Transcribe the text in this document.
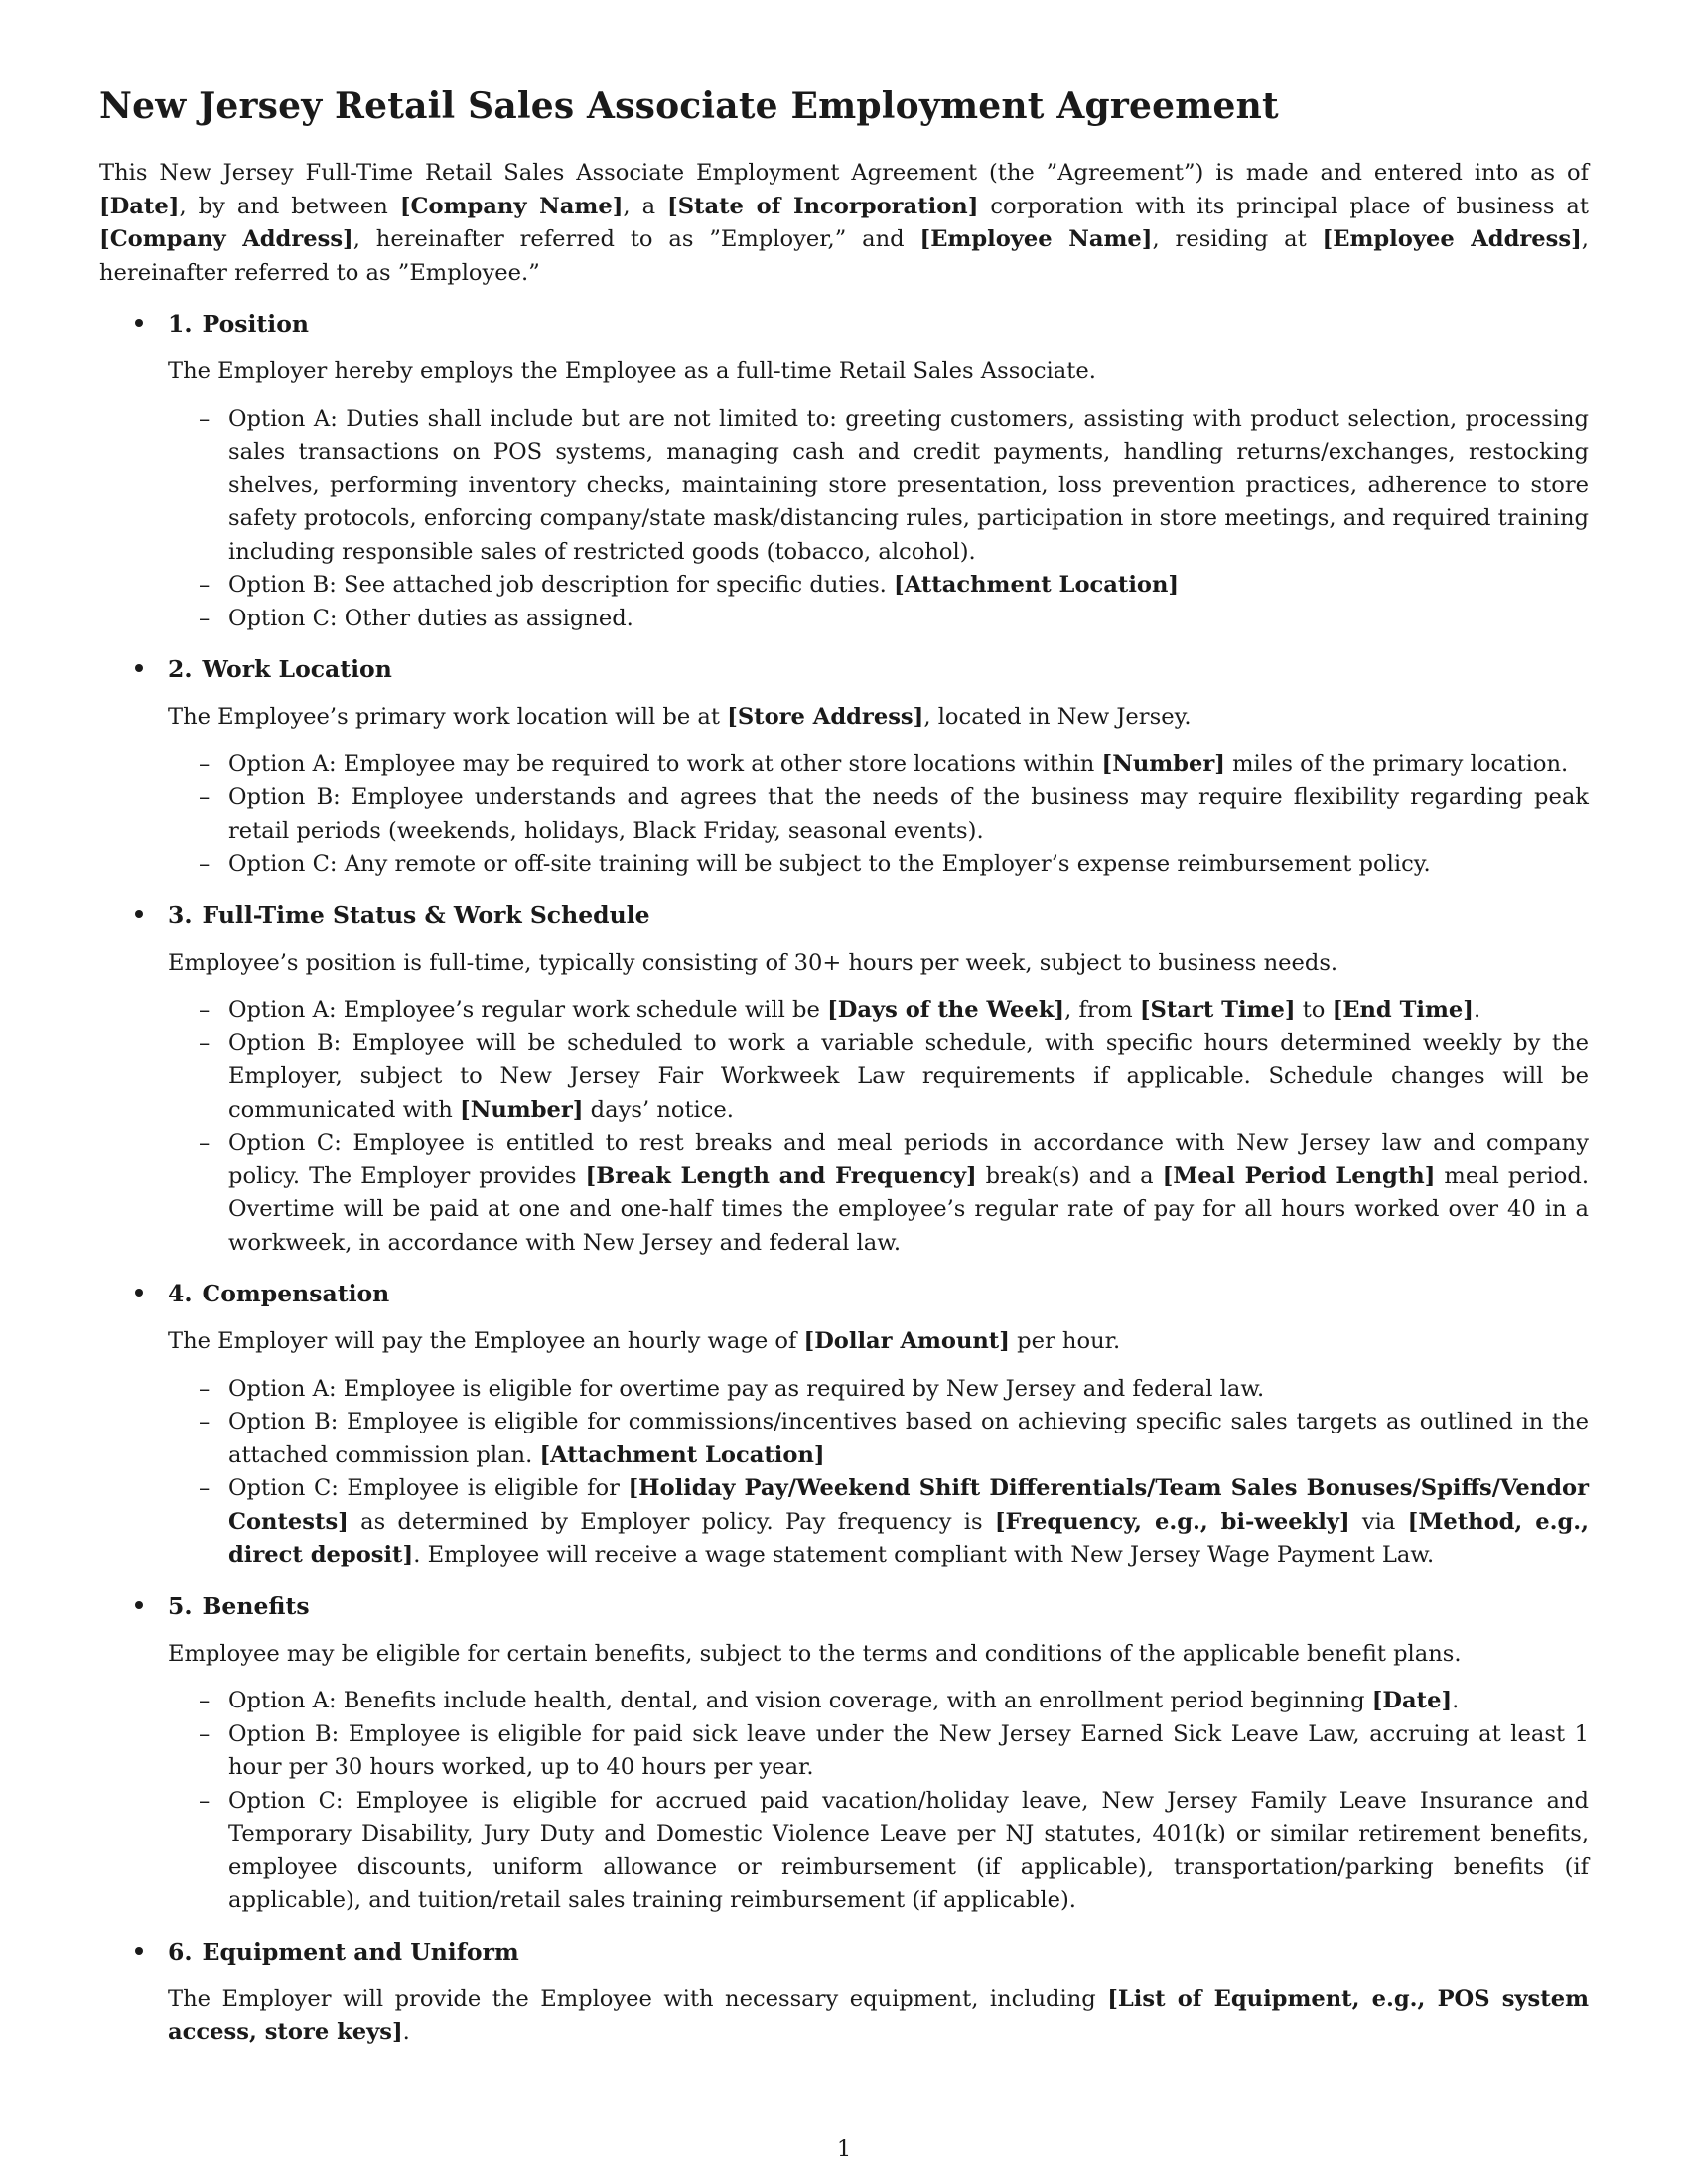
New Jersey Retail Sales Associate Employment Agreement

This New Jersey Full-Time Retail Sales Associate Employment Agreement (the ”Agreement”) is made and entered into as of [Date], by and between [Company Name], a [State of Incorporation] corporation with its principal place of business at [Company Address], hereinafter referred to as ”Employer,” and [Employee Name], residing at [Employee Address], hereinafter referred to as ”Employee.”

1. Position

The Employer hereby employs the Employee as a full-time Retail Sales Associate.

– Option A: Duties shall include but are not limited to: greeting customers, assisting with product selection, processing sales transactions on POS systems, managing cash and credit payments, handling returns/exchanges, restocking shelves, performing inventory checks, maintaining store presentation, loss prevention practices, adherence to store safety protocols, enforcing company/state mask/distancing rules, participation in store meetings, and required training including responsible sales of restricted goods (tobacco, alcohol).
– Option B: See attached job description for specific duties. [Attachment Location]
– Option C: Other duties as assigned.

2. Work Location

The Employee’s primary work location will be at [Store Address], located in New Jersey.

– Option A: Employee may be required to work at other store locations within [Number] miles of the primary location.
– Option B: Employee understands and agrees that the needs of the business may require flexibility regarding peak retail periods (weekends, holidays, Black Friday, seasonal events).
– Option C: Any remote or off-site training will be subject to the Employer’s expense reimbursement policy.

3. Full-Time Status & Work Schedule

Employee’s position is full-time, typically consisting of 30+ hours per week, subject to business needs.

– Option A: Employee’s regular work schedule will be [Days of the Week], from [Start Time] to [End Time].
– Option B: Employee will be scheduled to work a variable schedule, with specific hours determined weekly by the Employer, subject to New Jersey Fair Workweek Law requirements if applicable. Schedule changes will be communicated with [Number] days’ notice.
– Option C: Employee is entitled to rest breaks and meal periods in accordance with New Jersey law and company policy. The Employer provides [Break Length and Frequency] break(s) and a [Meal Period Length] meal period. Overtime will be paid at one and one-half times the employee’s regular rate of pay for all hours worked over 40 in a workweek, in accordance with New Jersey and federal law.

4. Compensation

The Employer will pay the Employee an hourly wage of [Dollar Amount] per hour.

– Option A: Employee is eligible for overtime pay as required by New Jersey and federal law.
– Option B: Employee is eligible for commissions/incentives based on achieving specific sales targets as outlined in the attached commission plan. [Attachment Location]
– Option C: Employee is eligible for [Holiday Pay/Weekend Shift Differentials/Team Sales Bonuses/Spiffs/Vendor Contests] as determined by Employer policy. Pay frequency is [Frequency, e.g., bi-weekly] via [Method, e.g., direct deposit]. Employee will receive a wage statement compliant with New Jersey Wage Payment Law.

5. Benefits

Employee may be eligible for certain benefits, subject to the terms and conditions of the applicable benefit plans.

– Option A: Benefits include health, dental, and vision coverage, with an enrollment period beginning [Date].
– Option B: Employee is eligible for paid sick leave under the New Jersey Earned Sick Leave Law, accruing at least 1 hour per 30 hours worked, up to 40 hours per year.
– Option C: Employee is eligible for accrued paid vacation/holiday leave, New Jersey Family Leave Insurance and Temporary Disability, Jury Duty and Domestic Violence Leave per NJ statutes, 401(k) or similar retirement benefits, employee discounts, uniform allowance or reimbursement (if applicable), transportation/parking benefits (if applicable), and tuition/retail sales training reimbursement (if applicable).

6. Equipment and Uniform

The Employer will provide the Employee with necessary equipment, including [List of Equipment, e.g., POS system access, store keys].

1
